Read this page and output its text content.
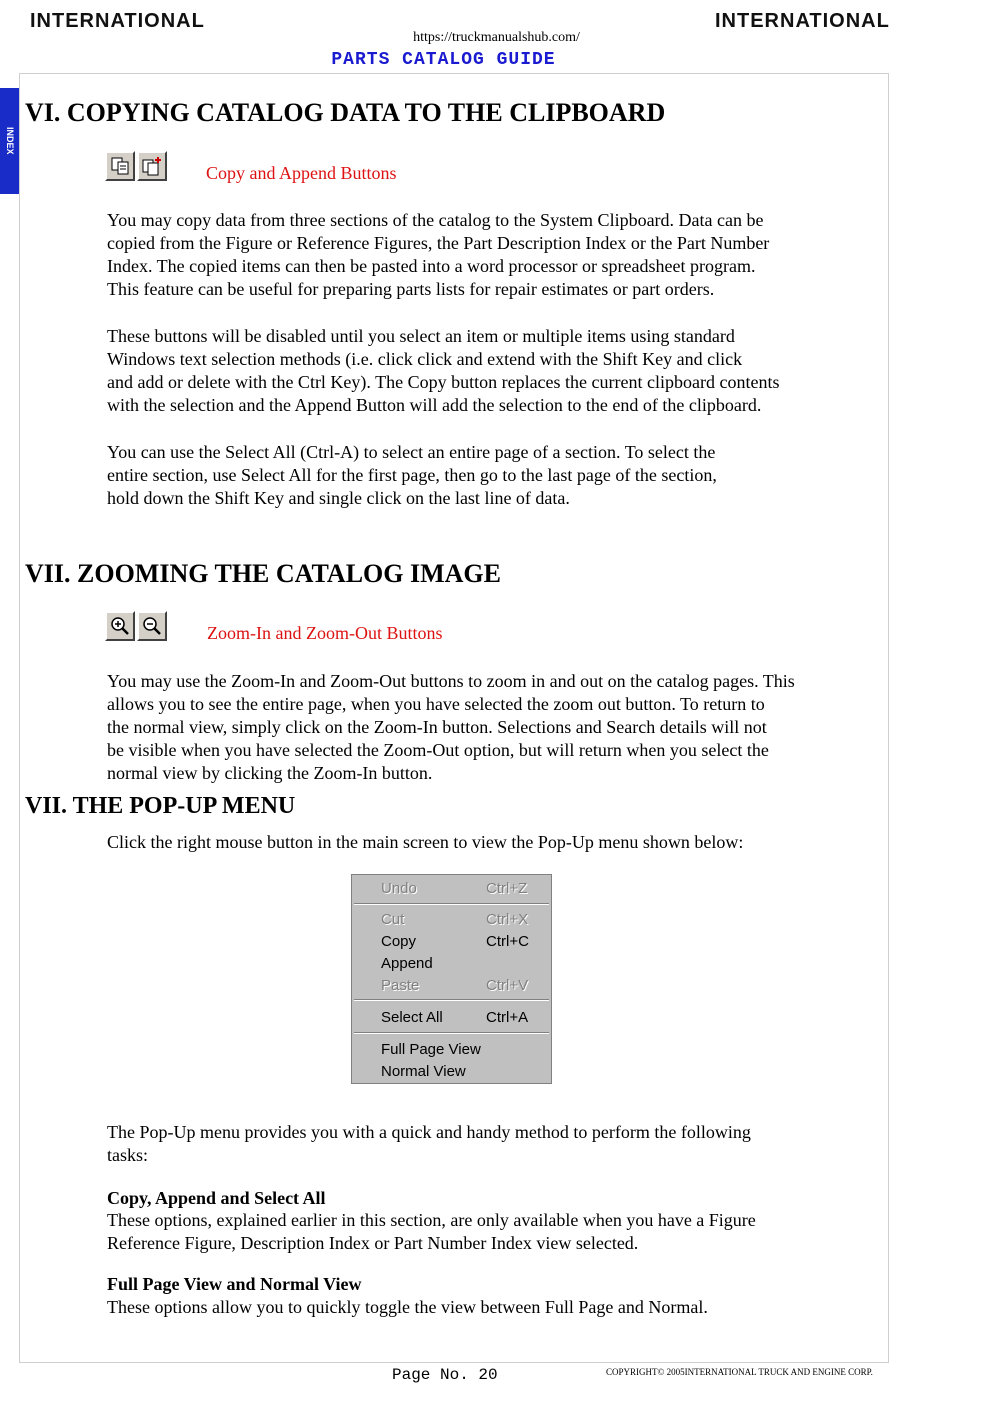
INTERNATIONAL	INTERNATIONAL
https://truckmanualshub.com/
PARTS CATALOG GUIDE
INDEX
VI. COPYING CATALOG DATA TO THE CLIPBOARD
Copy and Append Buttons

You may copy data from three sections of the catalog to the System Clipboard. Data can be

copied from the Figure or Reference Figures, the Part Description Index or the Part Number

Index. The copied items can then be pasted into a word processor or spreadsheet program.

This feature can be useful for preparing parts lists for repair estimates or part orders.

These buttons will be disabled until you select an item or multiple items using standard

Windows text selection methods (i.e. click click and extend with the Shift Key and click

and add or delete with the Ctrl Key). The Copy button replaces the current clipboard contents

with the selection and the Append Button will add the selection to the end of the clipboard.

You can use the Select All (Ctrl-A) to select an entire page of a section. To select the

entire section, use Select All for the first page, then go to the last page of the section,

hold down the Shift Key and single click on the last line of data.

VII. ZOOMING THE CATALOG IMAGE
Zoom-In and Zoom-Out Buttons

You may use the Zoom-In and Zoom-Out buttons to zoom in and out on the catalog pages. This

allows you to see the entire page, when you have selected the zoom out button. To return to

the normal view, simply click on the Zoom-In button. Selections and Search details will not

be visible when you have selected the Zoom-Out option, but will return when you select the

normal view by clicking the Zoom-In button.

VII. THE POP-UP MENU
Click the right mouse button in the main screen to view the Pop-Up menu shown below:
Undo	Ctrl+Z
Cut	Ctrl+X
Copy	Ctrl+C
Append
Paste	Ctrl+V
Select All	Ctrl+A
Full Page View
Normal View

The Pop-Up menu provides you with a quick and handy method to perform the following

tasks:

Copy, Append and Select All

These options, explained earlier in this section, are only available when you have a Figure

Reference Figure, Description Index or Part Number Index view selected.

Full Page View and Normal View
These options allow you to quickly toggle the view between Full Page and Normal.
Page No. 20	COPYRIGHT© 2005INTERNATIONAL TRUCK AND ENGINE CORP.
